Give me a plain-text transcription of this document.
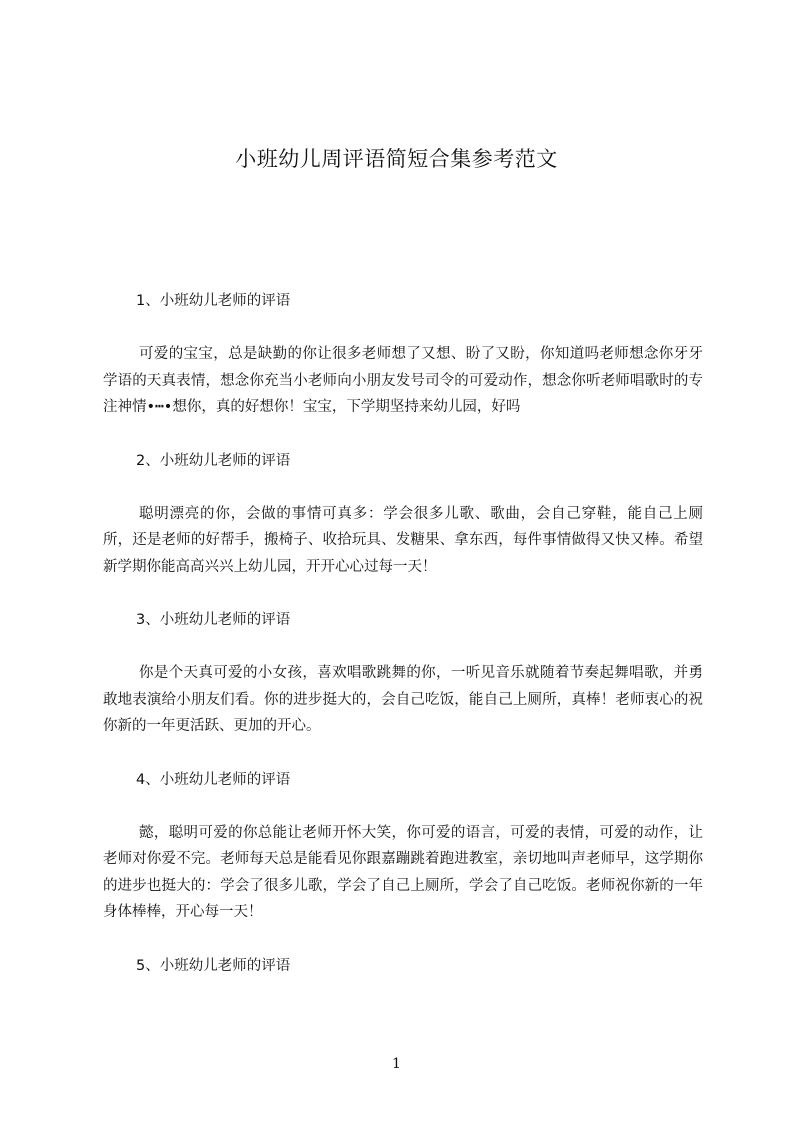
小班幼儿周评语简短合集参考范文

1、小班幼儿老师的评语

可爱的宝宝，总是缺勤的你让很多老师想了又想、盼了又盼，你知道吗老师想念你牙牙学语的天真表情，想念你充当小老师向小朋友发号司令的可爱动作，想念你听老师唱歌时的专注神情•┅•想你，真的好想你！宝宝，下学期坚持来幼儿园，好吗

2、小班幼儿老师的评语

聪明漂亮的你，会做的事情可真多：学会很多儿歌、歌曲，会自己穿鞋，能自己上厕所，还是老师的好帮手，搬椅子、收拾玩具、发糖果、拿东西，每件事情做得又快又棒。希望新学期你能高高兴兴上幼儿园，开开心心过每一天！

3、小班幼儿老师的评语

你是个天真可爱的小女孩，喜欢唱歌跳舞的你，一听见音乐就随着节奏起舞唱歌，并勇敢地表演给小朋友们看。你的进步挺大的，会自己吃饭，能自己上厕所，真棒！老师衷心的祝你新的一年更活跃、更加的开心。

4、小班幼儿老师的评语

懿，聪明可爱的你总能让老师开怀大笑，你可爱的语言，可爱的表情，可爱的动作，让老师对你爱不完。老师每天总是能看见你跟嘉蹦跳着跑进教室，亲切地叫声老师早，这学期你的进步也挺大的：学会了很多儿歌，学会了自己上厕所，学会了自己吃饭。老师祝你新的一年身体棒棒，开心每一天！

5、小班幼儿老师的评语

1
